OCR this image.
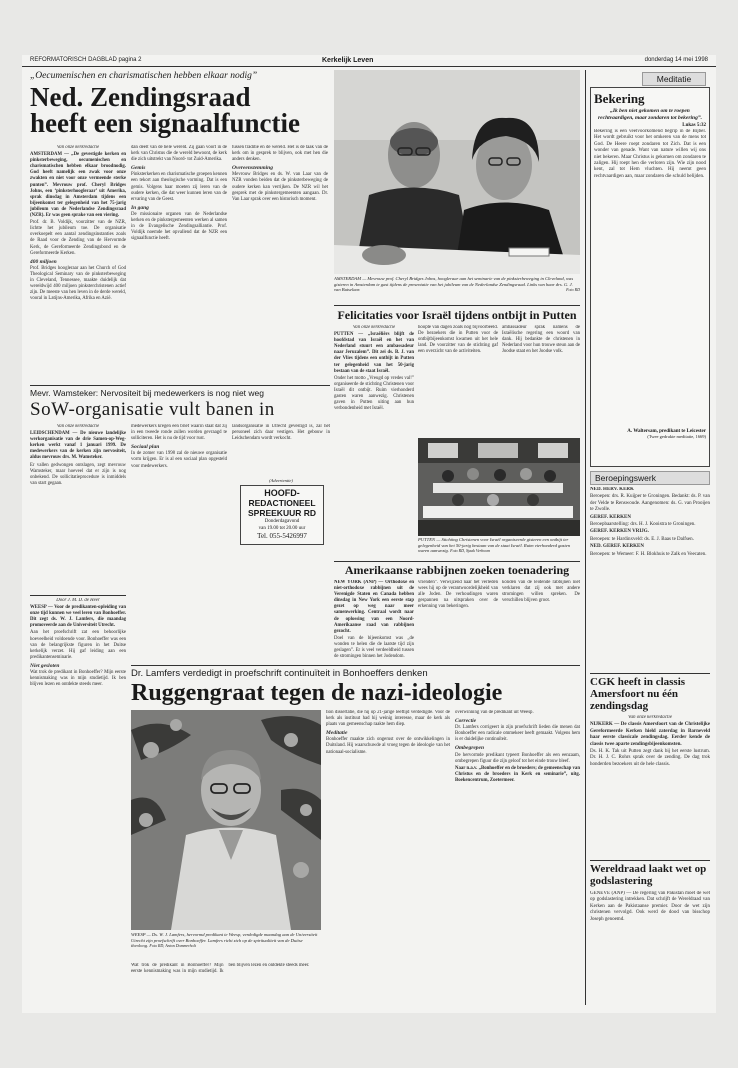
REFORMATORISCH DAGBLAD pagina 2	Kerkelijk Leven	donderdag 14 mei 1998
„Oecumenischen en charismatischen hebben elkaar nodig”
Ned. Zendingsraad
heeft een signaalfunctie

Van onze kerkredactie

AMSTERDAM — „De gevestigde kerken en pinksterbeweging, oecumenischen en charismatischen hebben elkaar broodnodig. God heeft namelijk een zwak voor onze zwakten en niet voor onze vermeende sterke punten”. Mevrouw prof. Cheryl Bridges Johns, een ‘pinksterhoogleraar’ uit Amerika, sprak dinsdag in Amsterdam tijdens een bijeenkomst ter gelegenheid van het 75-jarig jubileum van de Nederlandse Zendingsraad (NZR). Er was geen sprake van een viering.

Prof. dr. B. Voldijk, voorzitter van de NZR, lichtte het jubileum toe. De organisatie overkoepelt een aantal zendingsinstanties zoals de Raad voor de Zending van de Hervormde Kerk, de Gereformeerde Zendingsbond en de Gereformeerde Kerken.

400 miljoen

Prof. Bridges hoogleraar aan het Church of God Theological Seminary van de pinksterbeweging in Cleveland, Tennessee, maakte duidelijk dat wereldwijd 400 miljoen pinksterchristenen actief zijn. De meeste van hen leven in de derde wereld, vooral in Latijns-Amerika, Afrika en Azië.

dan deelt van de hele wereld. Zij gaan voort in de kerk van Christus die de wereld bewoont, de kerk die zich uitstrekt van Noord- tot Zuid-Amerika.

Gemis

Pinksterkerken en charismatische groepen kennen een tekort aan theologische vorming. Dat is een gemis. Volgens haar moeten zij leren van de oudere kerken, die dat weer kunnen leren van de ervaring van de Geest.

In gang

De missionaire organen van de Nederlandse kerken en de pinkstergemeenten werken al samen in de Evangelische Zendingsalliantie. Prof. Voldijk noemde het opvallend dat de NZR een signaalfunctie heeft.

tussen traditie en de wereld. Het is de taak van de kerk om in gesprek te blijven, ook met hen die anders denken.

Overeenstemming

Mevrouw Bridges en ds. W. van Laar van de NZR vonden beiden dat de pinksterbeweging de oudere kerken kan verrijken. De NZR wil het gesprek met de pinkstergemeenten aangaan. Dr. Van Laar sprak over een historisch moment.

AMSTERDAM — Mevrouw prof. Cheryl Bridges Johns, hoogleraar aan het seminarie van de pinksterbeweging in Cleveland, was gisteren in Amsterdam te gast tijdens de presentatie van het jubileum van de Nederlandse Zendingsraad. Links van haar drs. G. J. van Butselaar.	Foto RD
Felicitaties voor Israël tijdens ontbijt in Putten

Van onze kerkredactie

PUTTEN — „Israëliërs blijft de hoofdstad van Israël en het van Nederland stuurt een ambassadeur naar Jeruzalem”. Dit zei ds. B. J. van der Vlies tijdens een ontbijt in Putten ter gelegenheid van het 50-jarig bestaan van de staat Israël.

Onder het motto „Vreugd op vredes val!” organiseerde de stichting Christenen voor Israël dit ontbijt. Ruim vierhonderd gasten waren aanwezig. Christenen gaven in Putten uiting aan hun verbondenheid met Israël.

hoopte van dagen zoals nog bijvoorbeeld. De bezoekers die in Putten voor de ontbijtbijeenkomst kwamen uit het hele land. De voorzitter van de stichting gaf een overzicht van de activiteiten.

ambassadeur sprak namens de Israëlische regering een woord van dank. Hij bedankte de christenen in Nederland voor hun trouwe steun aan de Joodse staat en het Joodse volk.

PUTTEN — Stichting Christenen voor Israël organiseerde gisteren een ontbijt ter gelegenheid van het 50-jarig bestaan van de staat Israël. Ruim vierhonderd gasten waren aanwezig. Foto RD, Sjaak Verboom
Mevr. Wamsteker: Nervositeit bij medewerkers is nog niet weg
SoW-organisatie vult banen in

Van onze kerkredactie

LEIDSCHENDAM — De nieuwe landelijke werkorganisatie van de drie Samen-op-Weg-kerken werkt vanaf 1 januari 1999. De medewerkers van de kerken zijn nervositeit, aldus mevrouw drs. M. Wamsteker.

Er vallen gedwongen ontslagen, zegt mevrouw Wamsteker, maar hoeveel dat er zijn is nog onbekend. De sollicitatieprocedure is inmiddels van start gegaan.

medewerkers kregen een brief waarin staat dat zij in een tweede ronde zullen worden gevraagd te solliciteren. Het is nu de tijd voor rust.

Sociaal plan

In de zomer van 1998 zal de nieuwe organisatie vorm krijgen. Er is al een sociaal plan opgesteld voor medewerkers.

landsorganisatie in Utrecht gevestigd is, zal het personeel zich daar vestigen. Het gebouw in Leidschendam wordt verkocht.

(Advertentie)
HOOFD-
REDACTIONEEL
SPREEKUUR RD
Donderdagavond
van 19.00 tot 20.00 uur
Tel. 055-5426997
Amerikaanse rabbijnen zoeken toenadering

NEW YORK (ANP) — Orthodoxe en niet-orthodoxe rabbijnen uit de Verenigde Staten en Canada hebben dinsdag in New York een eerste stap gezet op weg naar meer samenwerking. Centraal wordt naar de oplossing van een Noord-Amerikaanse raad van rabbijnen gezocht.

Doel van de bijeenkomst was „de wonden te helen die de laatste tijd zijn geslagen”. Er is veel verdeeldheid tussen de stromingen binnen het Jodendom.

vrienden”. Verwijzend naar het verleden wees hij op de verantwoordelijkheid van alle Joden. De verhoudingen waren gespannen na uitspraken over de erkenning van bekeringen.

konden van de leidende rabbijnen niet verklaren dat zij ook met andere stromingen willen spreken. De verschillen blijven groot.

Door J. M. D. de Heer

WEESP — Voor de predikanten-opleiding van onze tijd kunnen we veel leren van Bonhoeffer. Dit zegt ds. W. J. Lamfers, die maandag promoveerde aan de Universiteit Utrecht.

Aan het proefschrift zat een behoorlijke hoeveelheid voldoende voor. Bonhoeffer was een van de belangrijkste figuren in het Duitse kerkelijk verzet. Hij gaf leiding aan een predikantenseminarie.

Niet gesloten

Wat trok de predikant in Bonhoeffer? Mijn eerste kennismaking was in mijn studietijd. Ik ben blijven lezen en ontdekte steeds meer.

Dr. Lamfers verdedigt in proefschrift continuïteit in Bonhoeffers denken
Ruggengraat tegen de nazi-ideologie
WEESP — Ds. W. J. Lamfers, hervormd predikant te Weesp, verdedigde maandag aan de Universiteit Utrecht zijn proefschrift over Bonhoeffer. Lamfers richt zich op de spiritualiteit van de Duitse theoloog. Foto RD, Anton Dommerholt

Wat trok de predikant in Bonhoeffer? Mijn eerste kennismaking was in mijn studietijd. Ik ben blijven lezen en ontdekte steeds meer.

tion dissertatie, die hij op 21-jarige leeftijd verdedigde. Voor de kerk als instituut had hij weinig interesse, maar de kerk als plaats van gemeenschap raakte hem diep.

Meditatie

Bonhoeffer maakte zich ongerust over de ontwikkelingen in Duitsland. Hij waarschuwde al vroeg tegen de ideologie van het nationaal-socialisme.

overwinning van de predikant uit Weesp.

Correctie

Dr. Lamfers corrigeert in zijn proefschrift lieden die menen dat Bonhoeffer een radicale ommekeer heeft gemaakt. Volgens hem is er duidelijke continuïteit.

Ombegrepen

De hervormde predikant typeert Bonhoeffer als een eenzaam, ombegrepen figuur die zijn geloof tot het einde trouw bleef.

Naar n.a.v. „Bonhoeffer en de broeders; de gemeenschap van Christus en de broeders in Kerk en seminarie”, uitg. Boekencentrum, Zoetermeer.

Meditatie
Bekering
„Ik ben niet gekomen om te roepen rechtvaardigen, maar zondaren tot bekering”.
Lukas 5:32
Bekering is een veelvoorkomend begrip in de Bijbel. Het wordt gebruikt voor het omkeren van de mens tot God. De Heere roept zondaren tot Zich. Dat is een wonder van genade. Want van nature willen wij ons niet bekeren. Maar Christus is gekomen om zondaren te zaligen. Hij roept hen die verloren zijn. Wie zijn nood kent, zal tot Hem vluchten. Hij neemt geen rechtvaardigen aan, maar zondaren die schuld belijden.
A. Waltersam, predikant te Leicester
(Twee gedrukte meditatie, 1669)
Beroepingswerk

NED. HERV. KERK

Beroepen: drs. R. Kuijper te Groningen. Bedankt: ds. P. van der Velde te Renswoude. Aangenomen: ds. G. van Prooijen te Zwolle.

GEREF. KERKEN

Beroepbaarstelling: drs. H. J. Kooistra te Groningen.

GEREF. KERKEN VRIJG.

Beroepen: te Hardinxveld: ds. E. J. Baas te Dalfsen.

NED. GEREF. KERKEN

Beroepen: te Wemeer: F. H. Blokhuis te Zalk en Veecaten.

CGK heeft in classis Amersfoort nu één zendingsdag

Van onze kerkredactie

NIJKERK — De classis Amersfoort van de Christelijke Gereformeerde Kerken hield zaterdag in Barneveld haar eerste classicale zendingsdag. Eerder kende de classis twee aparte zendingsbijeenkomsten.

Ds. H. K. Tak uit Putten zegt dank bij het eerste lustrum. Dr. H. J. C. Rohrs sprak over de zending. De dag trok honderden bezoekers uit de hele classis.

Wereldraad laakt wet op godslastering

GENEVE (ANP) — De regering van Pakistan moet de wet op godslastering intrekken. Dat schrijft de Wereldraad van Kerken aan de Pakistaanse premier. Door de wet zijn christenen vervolgd. Ook werd de dood van bisschop Joseph genoemd.
